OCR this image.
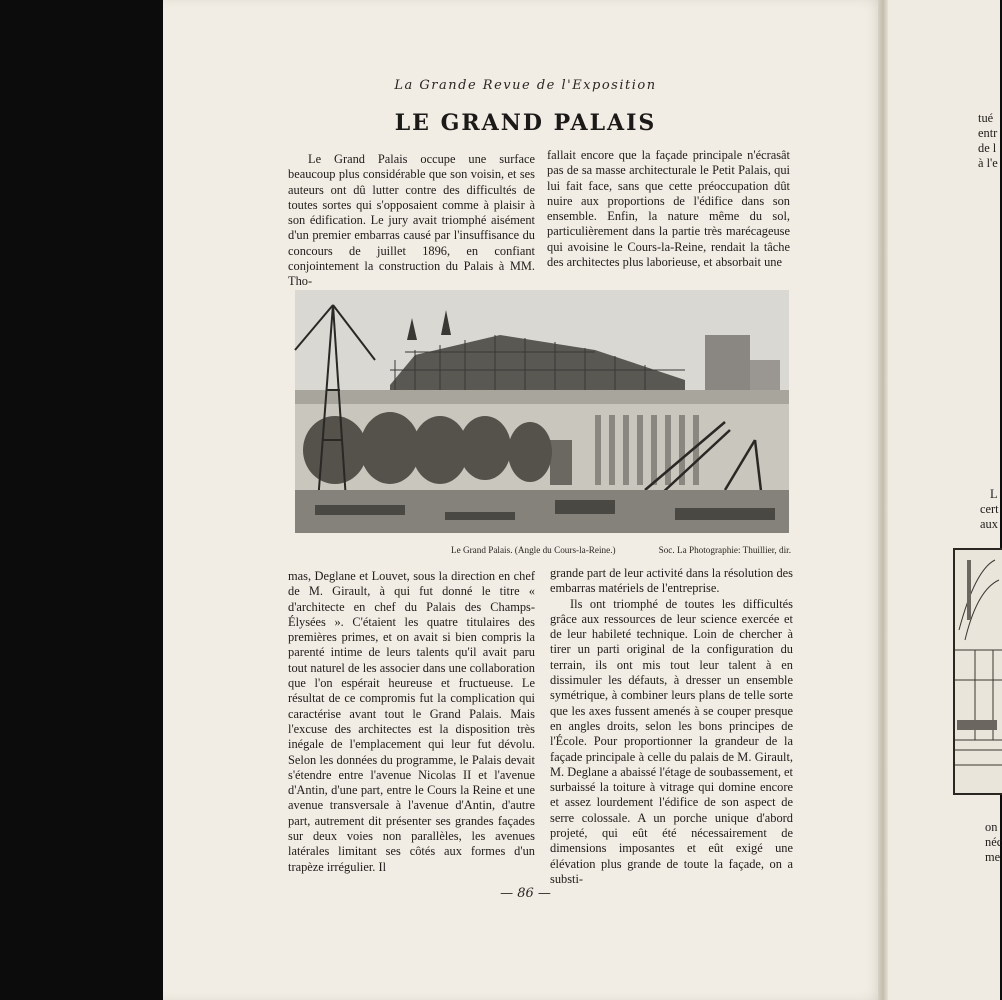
La Grande Revue de l'Exposition
LE GRAND PALAIS

Le Grand Palais occupe une surface beaucoup plus considérable que son voisin, et ses auteurs ont dû lutter contre des difficultés de toutes sortes qui s'opposaient comme à plaisir à son édification. Le jury avait triomphé aisément d'un premier embarras causé par l'insuffisance du concours de juillet 1896, en confiant conjointement la construction du Palais à MM. Tho-

fallait encore que la façade principale n'écrasât pas de sa masse architecturale le Petit Palais, qui lui fait face, sans que cette préoccupation dût nuire aux proportions de l'édifice dans son ensemble. Enfin, la nature même du sol, particulièrement dans la partie très marécageuse qui avoisine le Cours-la-Reine, rendait la tâche des architectes plus laborieuse, et absorbait une

Le Grand Palais. (Angle du Cours-la-Reine.)	Soc. La Photographie: Thuillier, dir.

mas, Deglane et Louvet, sous la direction en chef de M. Girault, à qui fut donné le titre « d'architecte en chef du Palais des Champs-Élysées ». C'étaient les quatre titulaires des premières primes, et on avait si bien compris la parenté intime de leurs talents qu'il avait paru tout naturel de les associer dans une collaboration que l'on espérait heureuse et fructueuse. Le résultat de ce compromis fut la complication qui caractérise avant tout le Grand Palais. Mais l'excuse des architectes est la disposition très inégale de l'emplacement qui leur fut dévolu. Selon les données du programme, le Palais devait s'étendre entre l'avenue Nicolas II et l'avenue d'Antin, d'une part, entre le Cours la Reine et une avenue transversale à l'avenue d'Antin, d'autre part, autrement dit présenter ses grandes façades sur deux voies non parallèles, les avenues latérales limitant ses côtés aux formes d'un trapèze irrégulier. Il

grande part de leur activité dans la résolution des embarras matériels de l'entreprise.

Ils ont triomphé de toutes les difficultés grâce aux ressources de leur science exercée et de leur habileté technique. Loin de chercher à tirer un parti original de la configuration du terrain, ils ont mis tout leur talent à en dissimuler les défauts, à dresser un ensemble symétrique, à combiner leurs plans de telle sorte que les axes fussent amenés à se couper presque en angles droits, selon les bons principes de l'École. Pour proportionner la grandeur de la façade principale à celle du palais de M. Girault, M. Deglane a abaissé l'étage de soubassement, et surbaissé la toiture à vitrage qui domine encore et assez lourdement l'édifice de son aspect de serre colossale. A un porche unique d'abord projeté, qui eût été nécessairement de dimensions imposantes et eût exigé une élévation plus grande de toute la façade, on a substi-

— 86 —
tué
entr
de l
à l'e
L
cert
aux
on
néc
me
